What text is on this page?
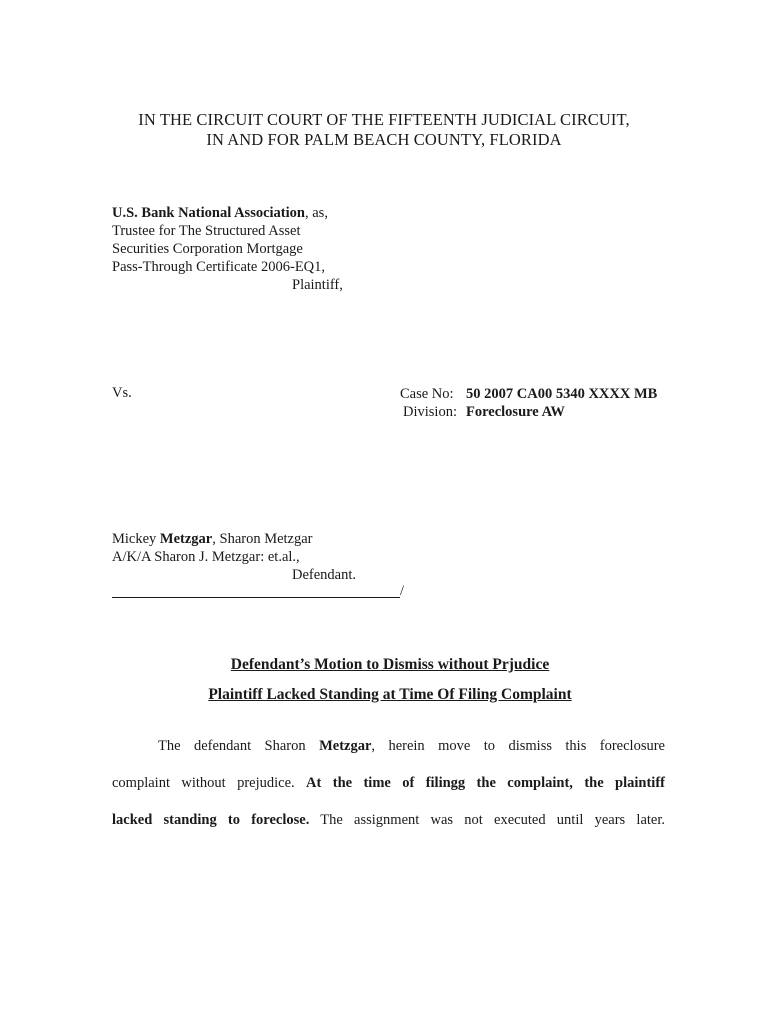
IN THE CIRCUIT COURT OF THE FIFTEENTH JUDICIAL CIRCUIT,
IN AND FOR PALM BEACH COUNTY, FLORIDA
U.S. Bank National Association, as,
Trustee for The Structured Asset
Securities Corporation Mortgage
Pass-Through Certificate 2006-EQ1,
Plaintiff,
Vs.	Case No: 50 2007 CA00 5340 XXXX MB
Division: Foreclosure AW
Mickey Metzgar, Sharon Metzgar
A/K/A Sharon J. Metzgar: et.al.,
Defendant.
/
Defendant’s Motion to Dismiss without Prjudice
Plaintiff Lacked Standing at Time Of Filing Complaint
The defendant Sharon Metzgar, herein move to dismiss this foreclosure
complaint without prejudice. At the time of filingg the complaint, the plaintiff
lacked standing to foreclose. The assignment was not executed until years later.
